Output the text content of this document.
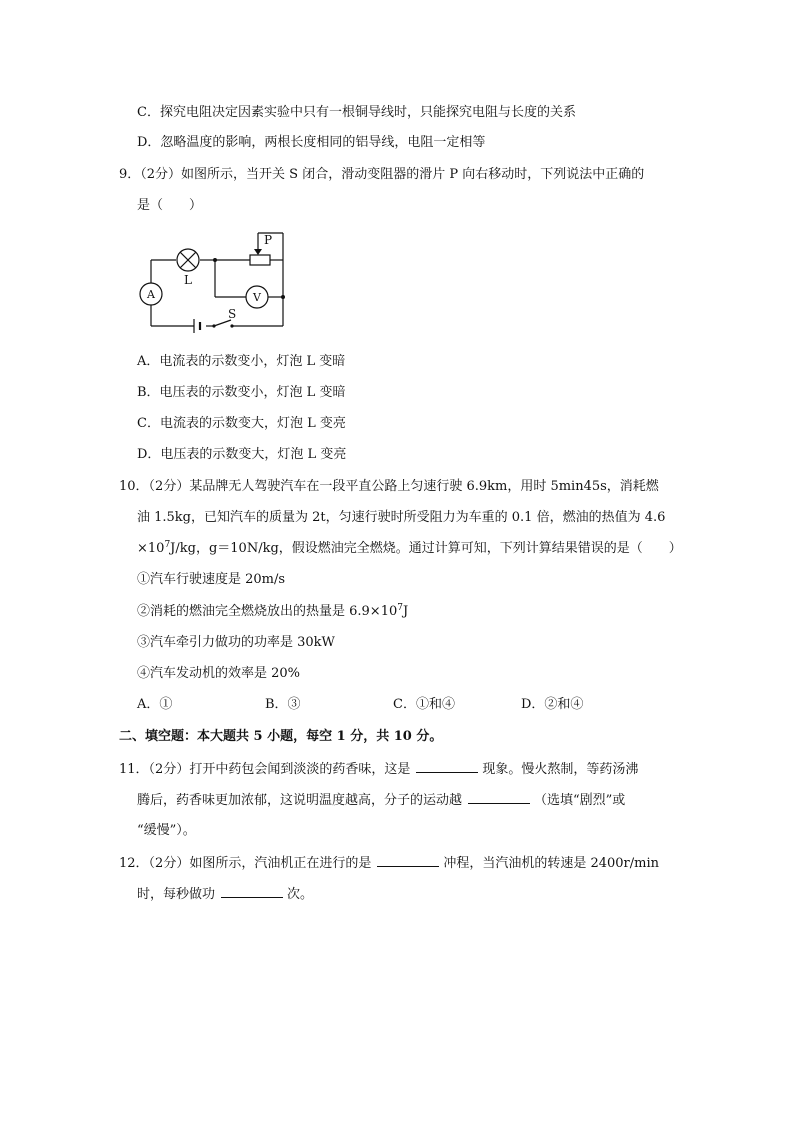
C．探究电阻决定因素实验中只有一根铜导线时，只能探究电阻与长度的关系
D．忽略温度的影响，两根长度相同的铝导线，电阻一定相等
9．（2分）如图所示，当开关 S 闭合，滑动变阻器的滑片 P 向右移动时，下列说法中正确的
是（　　）
L
P
A	V
S
A．电流表的示数变小，灯泡 L 变暗
B．电压表的示数变小，灯泡 L 变暗
C．电流表的示数变大，灯泡 L 变亮
D．电压表的示数变大，灯泡 L 变亮
10．（2分）某品牌无人驾驶汽车在一段平直公路上匀速行驶 6.9km，用时 5min45s，消耗燃
油 1.5kg，已知汽车的质量为 2t，匀速行驶时所受阻力为车重的 0.1 倍，燃油的热值为 4.6
$\times 10^7J/kg$，g＝10N/kg，假设燃油完全燃烧。通过计算可知，下列计算结果错误的是（　　）
①汽车行驶速度是 20m/s
②消耗的燃油完全燃烧放出的热量是 $6.9\times 10^7J$
③汽车牵引力做功的功率是 30kW
④汽车发动机的效率是 20%
A．①	B．③	C．①和④	D．②和④
二、填空题：本大题共 5 小题，每空 1 分，共 10 分。
11．（2分）打开中药包会闻到淡淡的药香味，这是	现象。慢火熬制，等药汤沸
腾后，药香味更加浓郁，这说明温度越高，分子的运动越	（选填“剧烈”或
“缓慢”）。
12．（2分）如图所示，汽油机正在进行的是	冲程，当汽油机的转速是 2400r/min
时，每秒做功	次。
